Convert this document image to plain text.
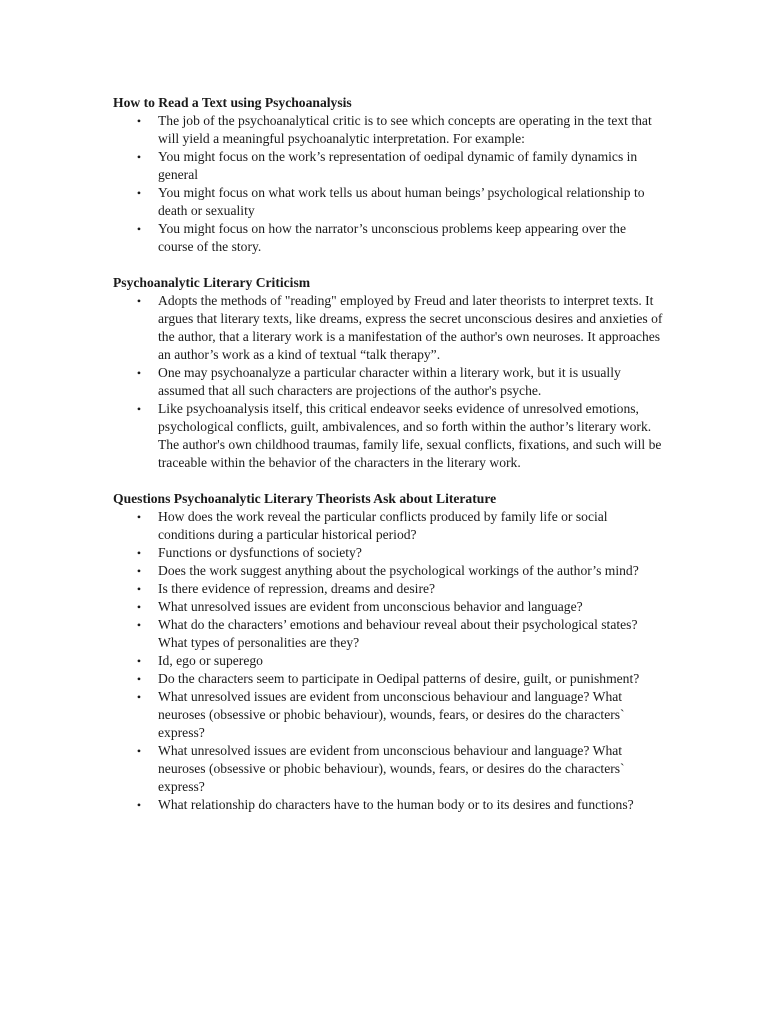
How to Read a Text using Psychoanalysis

• The job of the psychoanalytical critic is to see which concepts are operating in the text that will yield a meaningful psychoanalytic interpretation. For example:
• You might focus on the work’s representation of oedipal dynamic of family dynamics in general
• You might focus on what work tells us about human beings’ psychological relationship to death or sexuality
• You might focus on how the narrator’s unconscious problems keep appearing over the course of the story.

Psychoanalytic Literary Criticism

• Adopts the methods of "reading" employed by Freud and later theorists to interpret texts. It argues that literary texts, like dreams, express the secret unconscious desires and anxieties of the author, that a literary work is a manifestation of the author's own neuroses. It approaches an author’s work as a kind of textual “talk therapy”.
• One may psychoanalyze a particular character within a literary work, but it is usually assumed that all such characters are projections of the author's psyche.
• Like psychoanalysis itself, this critical endeavor seeks evidence of unresolved emotions, psychological conflicts, guilt, ambivalences, and so forth within the author’s literary work. The author's own childhood traumas, family life, sexual conflicts, fixations, and such will be traceable within the behavior of the characters in the literary work.

Questions Psychoanalytic Literary Theorists Ask about Literature

• How does the work reveal the particular conflicts produced by family life or social conditions during a particular historical period?
• Functions or dysfunctions of society?
• Does the work suggest anything about the psychological workings of the author’s mind?
• Is there evidence of repression, dreams and desire?
• What unresolved issues are evident from unconscious behavior and language?
• What do the characters’ emotions and behaviour reveal about their psychological states? What types of personalities are they?
• Id, ego or superego
• Do the characters seem to participate in Oedipal patterns of desire, guilt, or punishment?
• What unresolved issues are evident from unconscious behaviour and language? What neuroses (obsessive or phobic behaviour), wounds, fears, or desires do the characters` express?
• What unresolved issues are evident from unconscious behaviour and language? What neuroses (obsessive or phobic behaviour), wounds, fears, or desires do the characters` express?
• What relationship do characters have to the human body or to its desires and functions?
